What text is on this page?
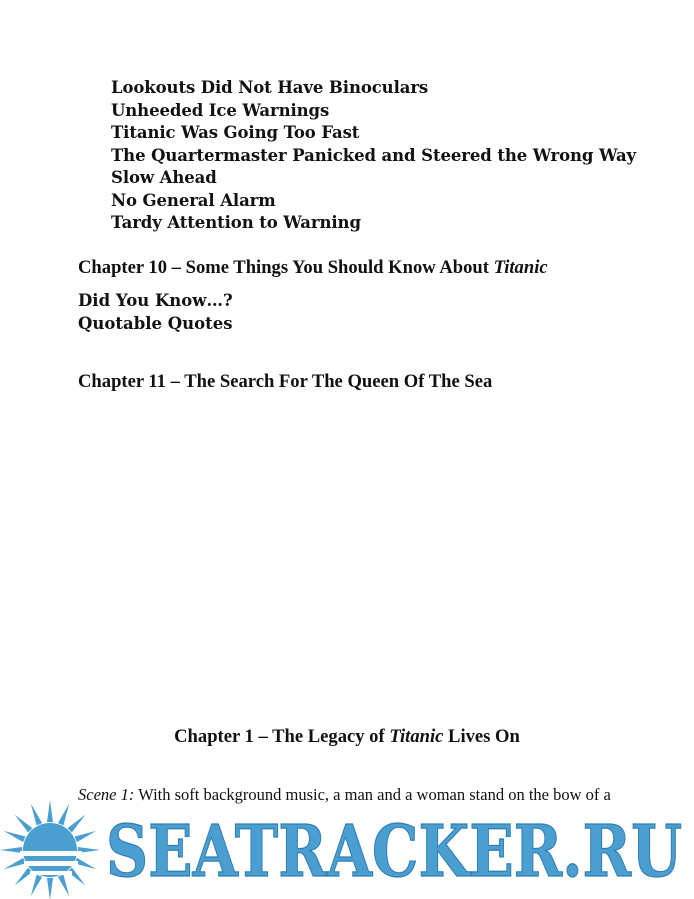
Lookouts Did Not Have Binoculars
Unheeded Ice Warnings
Titanic Was Going Too Fast
The Quartermaster Panicked and Steered the Wrong Way
Slow Ahead
No General Alarm
Tardy Attention to Warning
Chapter 10 – Some Things You Should Know About Titanic
Did You Know…?
Quotable Quotes
Chapter 11 – The Search For The Queen Of The Sea
Chapter 1 – The Legacy of Titanic Lives On

Scene 1: With soft background music, a man and a woman stand on the bow of a

SEATRACKER.RU
